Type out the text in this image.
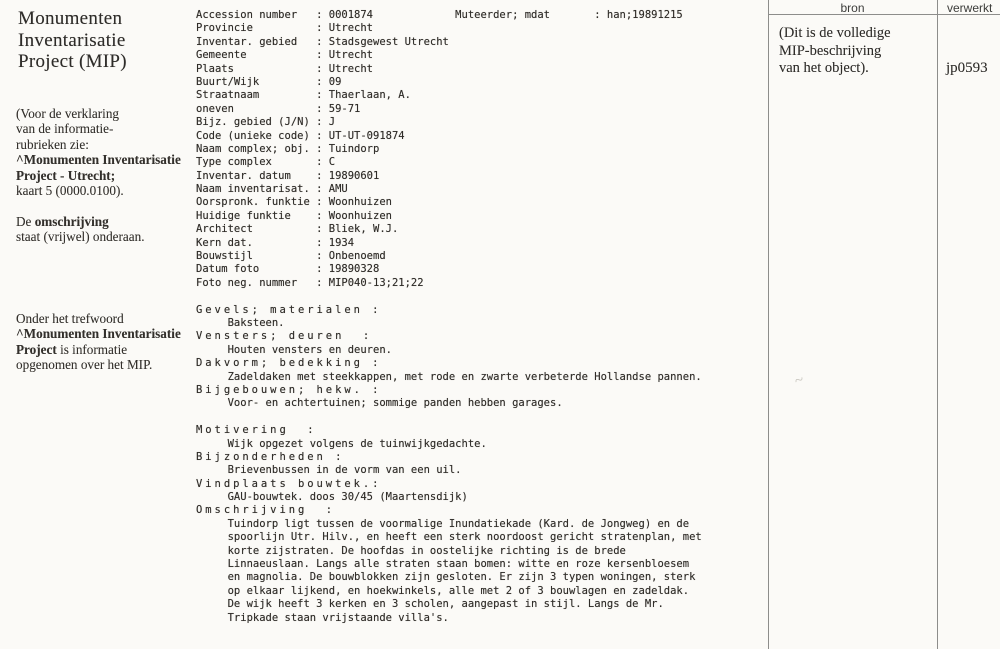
Monumenten
Inventarisatie
Project (MIP)
(Voor de verklaring
van de informatie-
rubrieken zie:
^Monumenten Inventarisatie
Project - Utrecht;
kaart 5 (0000.0100).
De omschrijving
staat (vrijwel) onderaan.
Onder het trefwoord
^Monumenten Inventarisatie
Project is informatie
opgenomen over het MIP.
Accession number   : 0001874             Muteerder; mdat       : han;19891215
Provincie          : Utrecht
Inventar. gebied   : Stadsgewest Utrecht
Gemeente           : Utrecht
Plaats             : Utrecht
Buurt/Wijk         : 09
Straatnaam         : Thaerlaan, A.
oneven             : 59-71
Bijz. gebied (J/N) : J
Code (unieke code) : UT-UT-091874
Naam complex; obj. : Tuindorp
Type complex       : C
Inventar. datum    : 19890601
Naam inventarisat. : AMU
Oorspronk. funktie : Woonhuizen
Huidige funktie    : Woonhuizen
Architect          : Bliek, W.J.
Kern dat.          : 1934
Bouwstijl          : Onbenoemd
Datum foto         : 19890328
Foto neg. nummer   : MIP040-13;21;22

Gevels; materialen :
Baksteen.
Vensters; deuren  :
Houten vensters en deuren.
Dakvorm; bedekking :
Zadeldaken met steekkappen, met rode en zwarte verbeterde Hollandse pannen.
Bijgebouwen; hekw. :
Voor- en achtertuinen; sommige panden hebben garages.

Motivering  :
Wijk opgezet volgens de tuinwijkgedachte.
Bijzonderheden :
Brievenbussen in de vorm van een uil.
Vindplaats bouwtek.:
GAU-bouwtek. doos 30/45 (Maartensdijk)
Omschrijving  :
Tuindorp ligt tussen de voormalige Inundatiekade (Kard. de Jongweg) en de
spoorlijn Utr. Hilv., en heeft een sterk noordoost gericht stratenplan, met
korte zijstraten. De hoofdas in oostelijke richting is de brede
Linnaeuslaan. Langs alle straten staan bomen: witte en roze kersenbloesem
en magnolia. De bouwblokken zijn gesloten. Er zijn 3 typen woningen, sterk
op elkaar lijkend, en hoekwinkels, alle met 2 of 3 bouwlagen en zadeldak.
De wijk heeft 3 kerken en 3 scholen, aangepast in stijl. Langs de Mr.
Tripkade staan vrijstaande villa's.
bron	verwerkt
(Dit is de volledige
MIP-beschrijving
van het object).	jp0593
~
